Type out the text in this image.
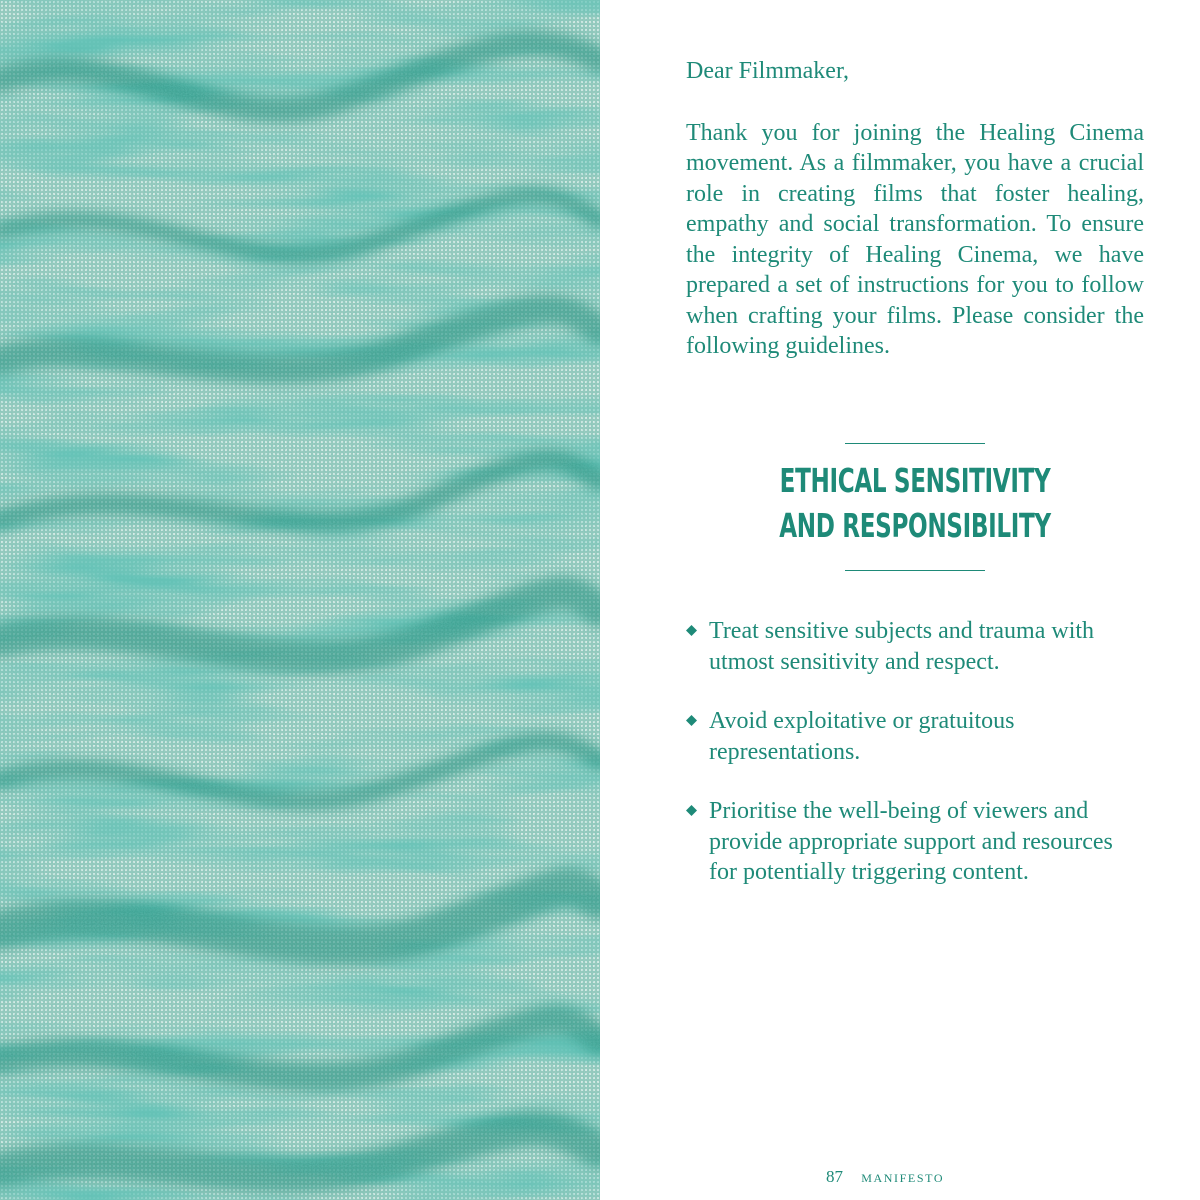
Dear Filmmaker,

Thank you for joining the Healing Cinema movement. As a filmmaker, you have a crucial role in creating films that foster healing, empathy and social transformation. To ensure the integrity of Healing Cinema, we have prepared a set of instructions for you to follow when crafting your films. Please consider the following guidelines.

ETHICAL SENSITIVITY
AND RESPONSIBILITY
Treat sensitive subjects and trauma with utmost sensitivity and respect.
Avoid exploitative or gratuitous representations.
Prioritise the well-being of viewers and provide appropriate support and resources for potentially triggering content.
87 MANIFESTO
